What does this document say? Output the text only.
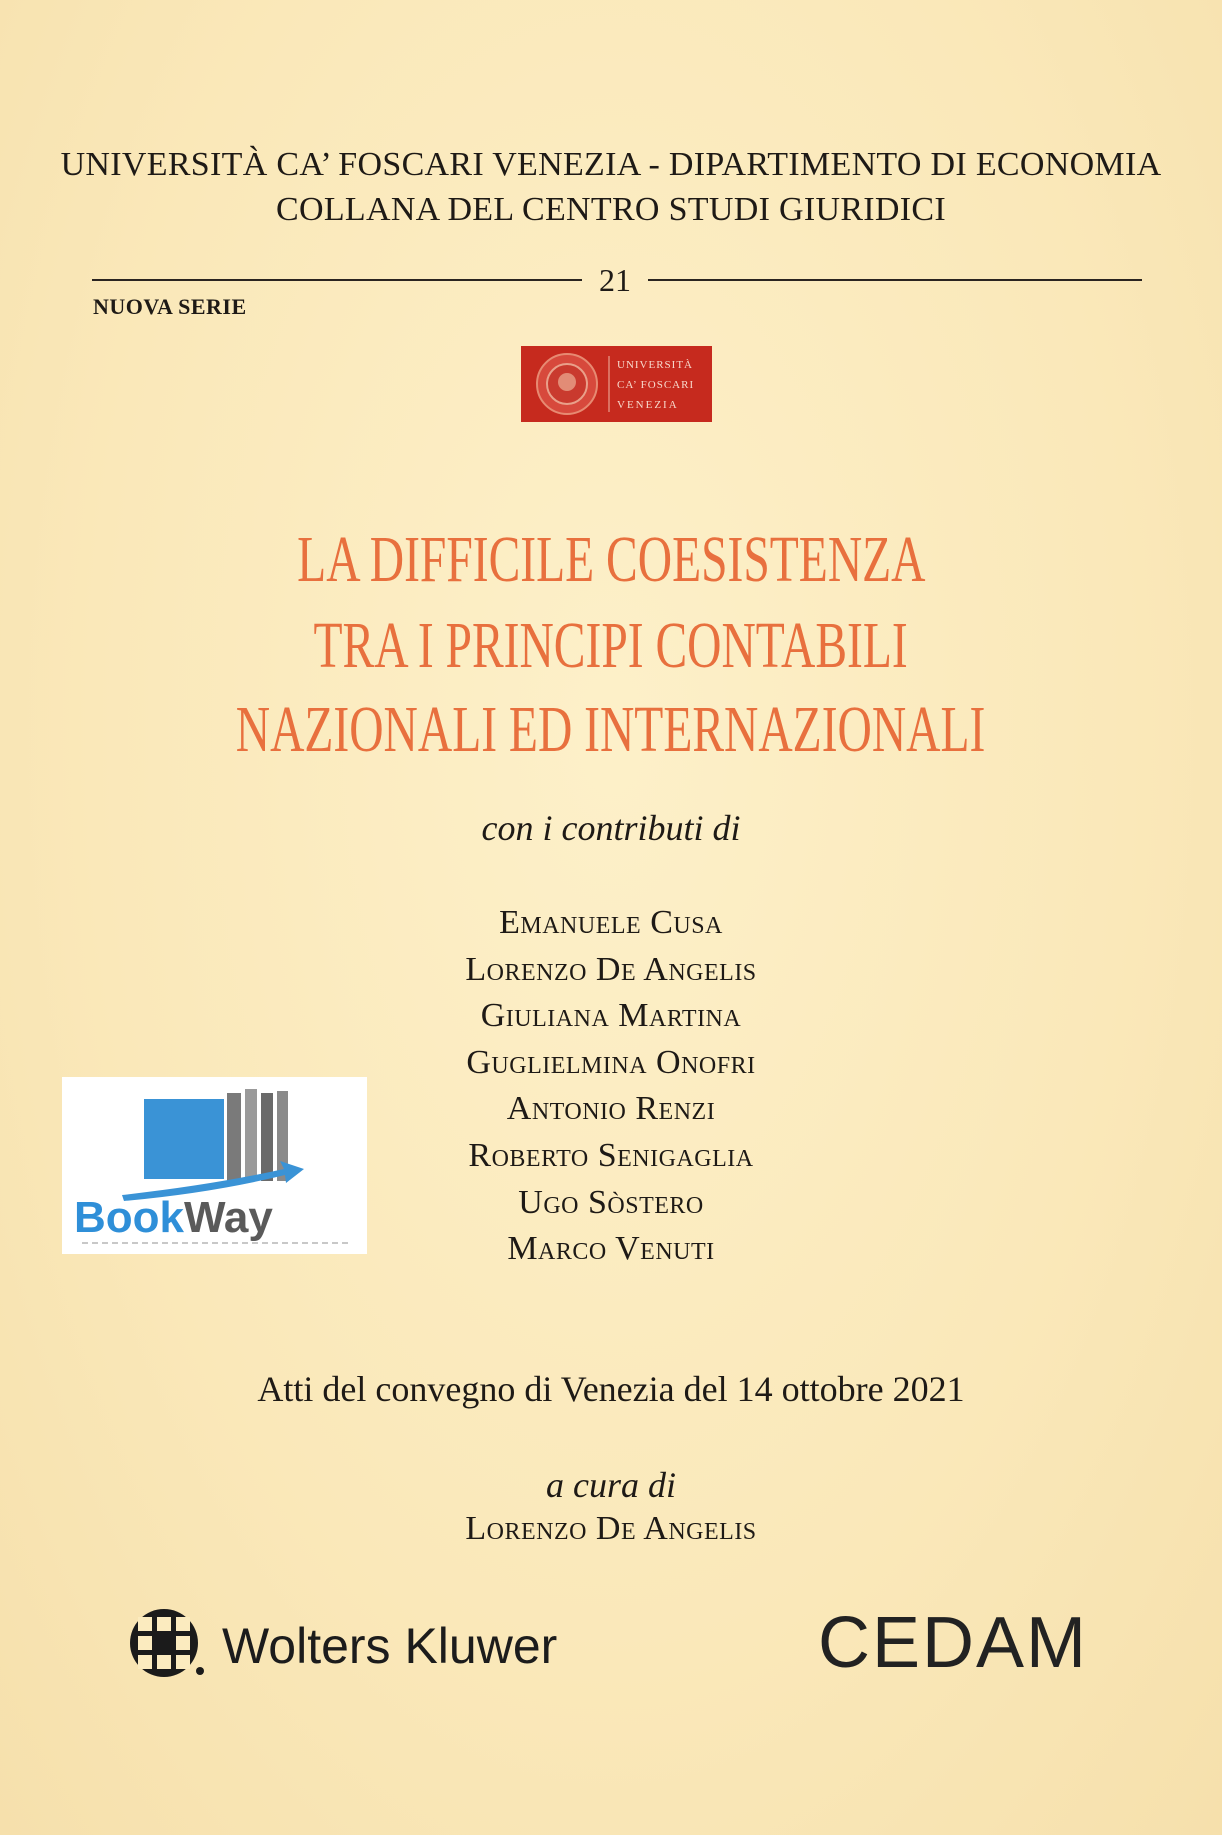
UNIVERSITÀ CA’ FOSCARI VENEZIA - DIPARTIMENTO DI ECONOMIA
COLLANA DEL CENTRO STUDI GIURIDICI
21
NUOVA SERIE
UNIVERSITÀ
CA’ FOSCARI
VENEZIA
LA DIFFICILE COESISTENZA
TRA I PRINCIPI CONTABILI
NAZIONALI ED INTERNAZIONALI
con i contributi di
Emanuele Cusa
Lorenzo De Angelis
Giuliana Martina
Guglielmina Onofri
Antonio Renzi
Roberto Senigaglia
Ugo Sòstero
Marco Venuti
BookWay
Atti del convegno di Venezia del 14 ottobre 2021
a cura di
Lorenzo De Angelis
Wolters Kluwer	CEDAM
